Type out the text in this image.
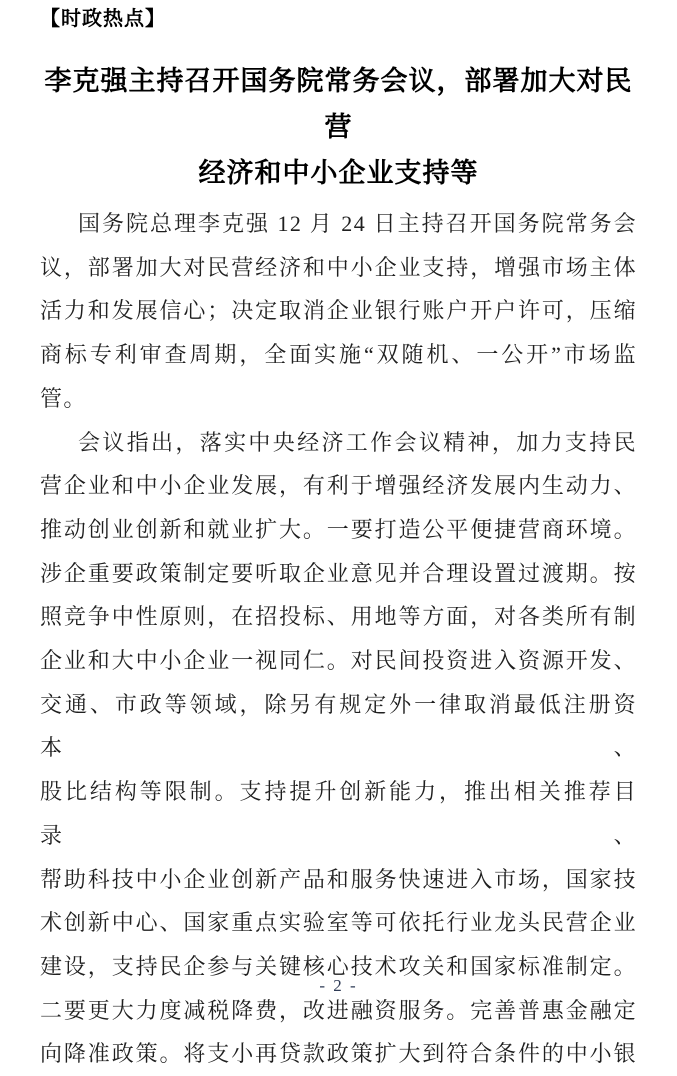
【时政热点】
李克强主持召开国务院常务会议，部署加大对民营
经济和中小企业支持等
国务院总理李克强 12 月 24 日主持召开国务院常务会
议，部署加大对民营经济和中小企业支持，增强市场主体
活力和发展信心；决定取消企业银行账户开户许可，压缩
商标专利审查周期，全面实施“双随机、一公开”市场监
管。
会议指出，落实中央经济工作会议精神，加力支持民
营企业和中小企业发展，有利于增强经济发展内生动力、
推动创业创新和就业扩大。一要打造公平便捷营商环境。
涉企重要政策制定要听取企业意见并合理设置过渡期。按
照竞争中性原则，在招投标、用地等方面，对各类所有制
企业和大中小企业一视同仁。对民间投资进入资源开发、
交通、市政等领域，除另有规定外一律取消最低注册资本、
股比结构等限制。支持提升创新能力，推出相关推荐目录、
帮助科技中小企业创新产品和服务快速进入市场，国家技
术创新中心、国家重点实验室等可依托行业龙头民营企业
建设，支持民企参与关键核心技术攻关和国家标准制定。
二要更大力度减税降费，改进融资服务。完善普惠金融定
向降准政策。将支小再贷款政策扩大到符合条件的中小银
- 2 -
